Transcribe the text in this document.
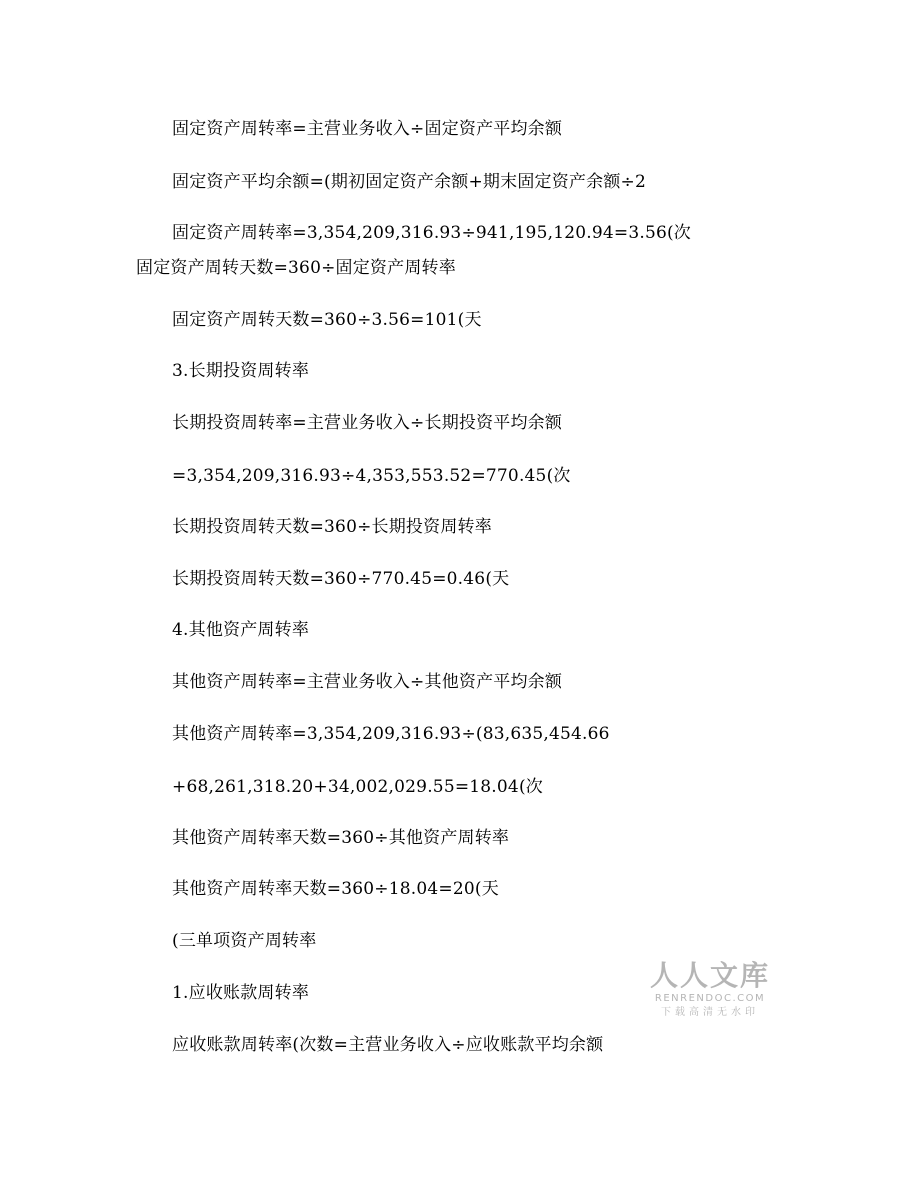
固定资产周转率=主营业务收入÷固定资产平均余额
固定资产平均余额=(期初固定资产余额+期末固定资产余额÷2
固定资产周转率=3,354,209,316.93÷941,195,120.94=3.56(次
固定资产周转天数=360÷固定资产周转率
固定资产周转天数=360÷3.56=101(天
3.长期投资周转率
长期投资周转率=主营业务收入÷长期投资平均余额
=3,354,209,316.93÷4,353,553.52=770.45(次
长期投资周转天数=360÷长期投资周转率
长期投资周转天数=360÷770.45=0.46(天
4.其他资产周转率
其他资产周转率=主营业务收入÷其他资产平均余额
其他资产周转率=3,354,209,316.93÷(83,635,454.66
+68,261,318.20+34,002,029.55=18.04(次
其他资产周转率天数=360÷其他资产周转率
其他资产周转率天数=360÷18.04=20(天
(三单项资产周转率
1.应收账款周转率
应收账款周转率(次数=主营业务收入÷应收账款平均余额
人人文库
RENRENDOC.COM
下载高清无水印
